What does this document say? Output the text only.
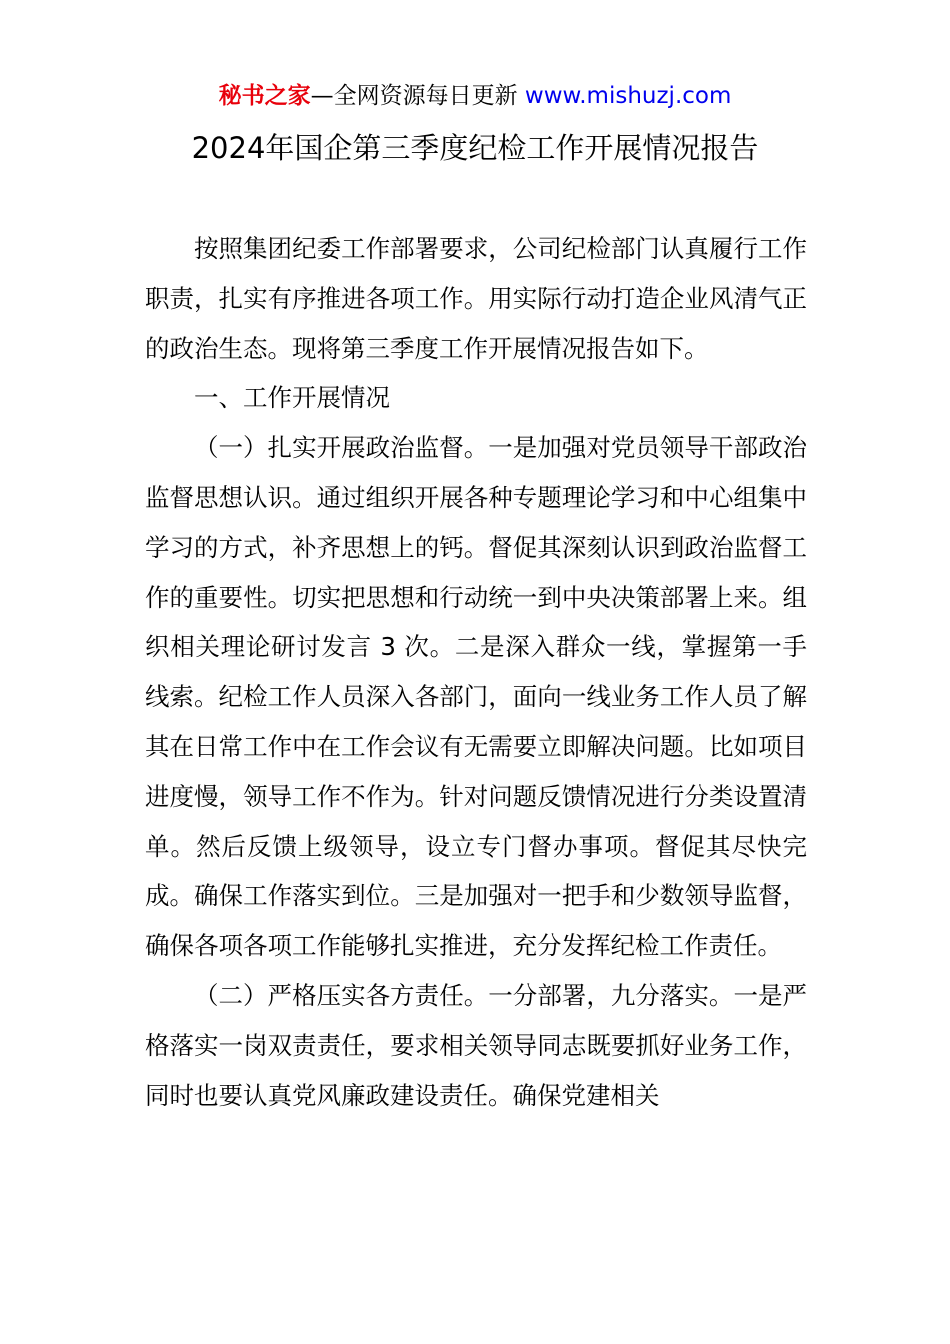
秘书之家—全网资源每日更新 www.mishuzj.com
2024年国企第三季度纪检工作开展情况报告

按照集团纪委工作部署要求，公司纪检部门认真履行工作职责，扎实有序推进各项工作。用实际行动打造企业风清气正的政治生态。现将第三季度工作开展情况报告如下。

一、工作开展情况

（一）扎实开展政治监督。一是加强对党员领导干部政治监督思想认识。通过组织开展各种专题理论学习和中心组集中学习的方式，补齐思想上的钙。督促其深刻认识到政治监督工作的重要性。切实把思想和行动统一到中央决策部署上来。组织相关理论研讨发言 3 次。二是深入群众一线，掌握第一手线索。纪检工作人员深入各部门，面向一线业务工作人员了解其在日常工作中在工作会议有无需要立即解决问题。比如项目进度慢，领导工作不作为。针对问题反馈情况进行分类设置清单。然后反馈上级领导，设立专门督办事项。督促其尽快完成。确保工作落实到位。三是加强对一把手和少数领导监督，确保各项各项工作能够扎实推进，充分发挥纪检工作责任。

（二）严格压实各方责任。一分部署，九分落实。一是严格落实一岗双责责任，要求相关领导同志既要抓好业务工作，同时也要认真党风廉政建设责任。确保党建相关
